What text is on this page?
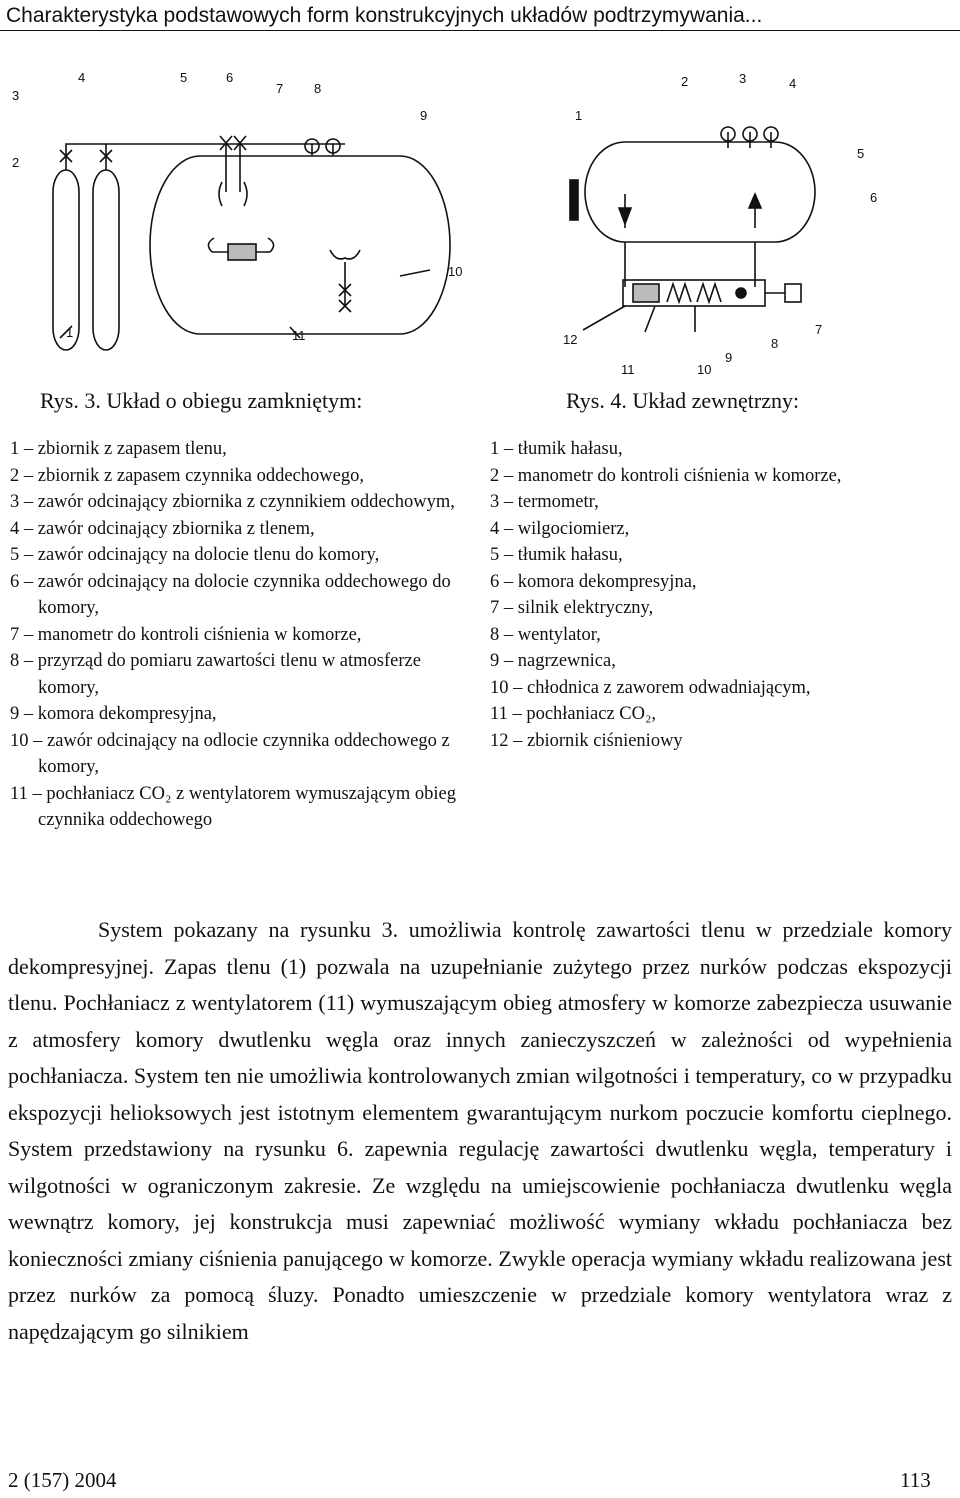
Charakterystyka podstawowych form konstrukcyjnych układów podtrzymywania...
1
2
3
4	5	6
7 8
9
10
11
1
2	3	4
5
6
7
8
9
10
11
12
Rys. 3. Układ o obiegu zamkniętym:	Rys. 4. Układ zewnętrzny:
1 – zbiornik z zapasem tlenu,
2 – zbiornik z zapasem czynnika oddechowego,
3 – zawór odcinający zbiornika z czynnikiem oddechowym,
4 – zawór odcinający zbiornika z tlenem,
5 – zawór odcinający na dolocie tlenu do komory,
6 – zawór odcinający na dolocie czynnika oddechowego do komory,
7 – manometr do kontroli ciśnienia w komorze,
8 – przyrząd do pomiaru zawartości tlenu w atmosferze komory,
9 – komora dekompresyjna,
10 – zawór odcinający na odlocie czynnika oddechowego z komory,
11 – pochłaniacz CO₂ z wentylatorem wymuszającym obieg czynnika oddechowego
1 – tłumik hałasu,
2 – manometr do kontroli ciśnienia w komorze,
3 – termometr,
4 – wilgociomierz,
5 – tłumik hałasu,
6 – komora dekompresyjna,
7 – silnik elektryczny,
8 – wentylator,
9 – nagrzewnica,
10 – chłodnica z zaworem odwadniającym,
11 – pochłaniacz CO₂,
12 – zbiornik ciśnieniowy

System pokazany na rysunku 3. umożliwia kontrolę zawartości tlenu w przedziale komory dekompresyjnej. Zapas tlenu (1) pozwala na uzupełnianie zużytego przez nurków podczas ekspozycji tlenu. Pochłaniacz z wentylatorem (11) wymuszającym obieg atmosfery w komorze zabezpiecza usuwanie z atmosfery komory dwutlenku węgla oraz innych zanieczyszczeń w zależności od wypełnienia pochłaniacza. System ten nie umożliwia kontrolowanych zmian wilgotności i temperatury, co w przypadku ekspozycji helioksowych jest istotnym elementem gwarantującym nurkom poczucie komfortu cieplnego. System przedstawiony na rysunku 6. zapewnia regulację zawartości dwutlenku węgla, temperatury i wilgotności w ograniczonym zakresie. Ze względu na umiejscowienie pochłaniacza dwutlenku węgla wewnątrz komory, jej konstrukcja musi zapewniać możliwość wymiany wkładu pochłaniacza bez konieczności zmiany ciśnienia panującego w komorze. Zwykle operacja wymiany wkładu realizowana jest przez nurków za pomocą śluzy. Ponadto umieszczenie w przedziale komory wentylatora wraz z napędzającym go silnikiem

2 (157) 2004	113
